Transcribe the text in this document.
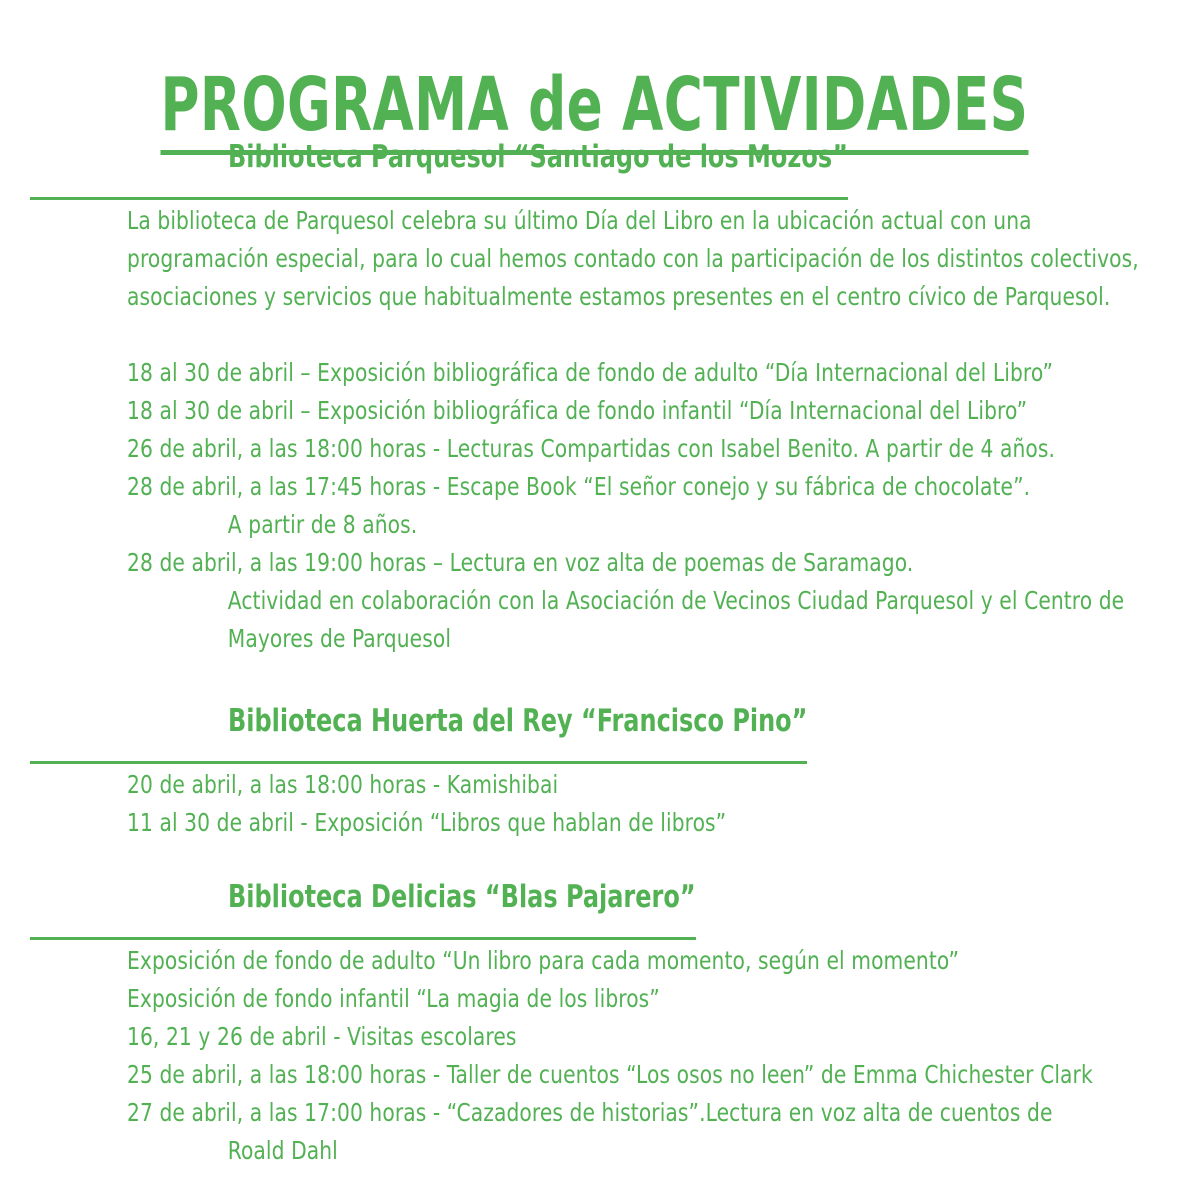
PROGRAMA de ACTIVIDADES
Biblioteca Parquesol “Santiago de los Mozos”
La biblioteca de Parquesol celebra su último Día del Libro en la ubicación actual con una
programación especial, para lo cual hemos contado con la participación de los distintos colectivos,
asociaciones y servicios que habitualmente estamos presentes en el centro cívico de Parquesol.
18 al 30 de abril – Exposición bibliográfica de fondo de adulto “Día Internacional del Libro”
18 al 30 de abril – Exposición bibliográfica de fondo infantil “Día Internacional del Libro”
26 de abril, a las 18:00 horas - Lecturas Compartidas con Isabel Benito. A partir de 4 años.
28 de abril, a las 17:45 horas - Escape Book “El señor conejo y su fábrica de chocolate”.
A partir de 8 años.
28 de abril, a las 19:00 horas – Lectura en voz alta de poemas de Saramago.
Actividad en colaboración con la Asociación de Vecinos Ciudad Parquesol y el Centro de
Mayores de Parquesol
Biblioteca Huerta del Rey “Francisco Pino”
20 de abril, a las 18:00 horas - Kamishibai
11 al 30 de abril - Exposición “Libros que hablan de libros”
Biblioteca Delicias “Blas Pajarero”
Exposición de fondo de adulto “Un libro para cada momento, según el momento”
Exposición de fondo infantil “La magia de los libros”
16, 21 y 26 de abril - Visitas escolares
25 de abril, a las 18:00 horas - Taller de cuentos “Los osos no leen” de Emma Chichester Clark
27 de abril, a las 17:00 horas - “Cazadores de historias”.Lectura en voz alta de cuentos de
Roald Dahl
